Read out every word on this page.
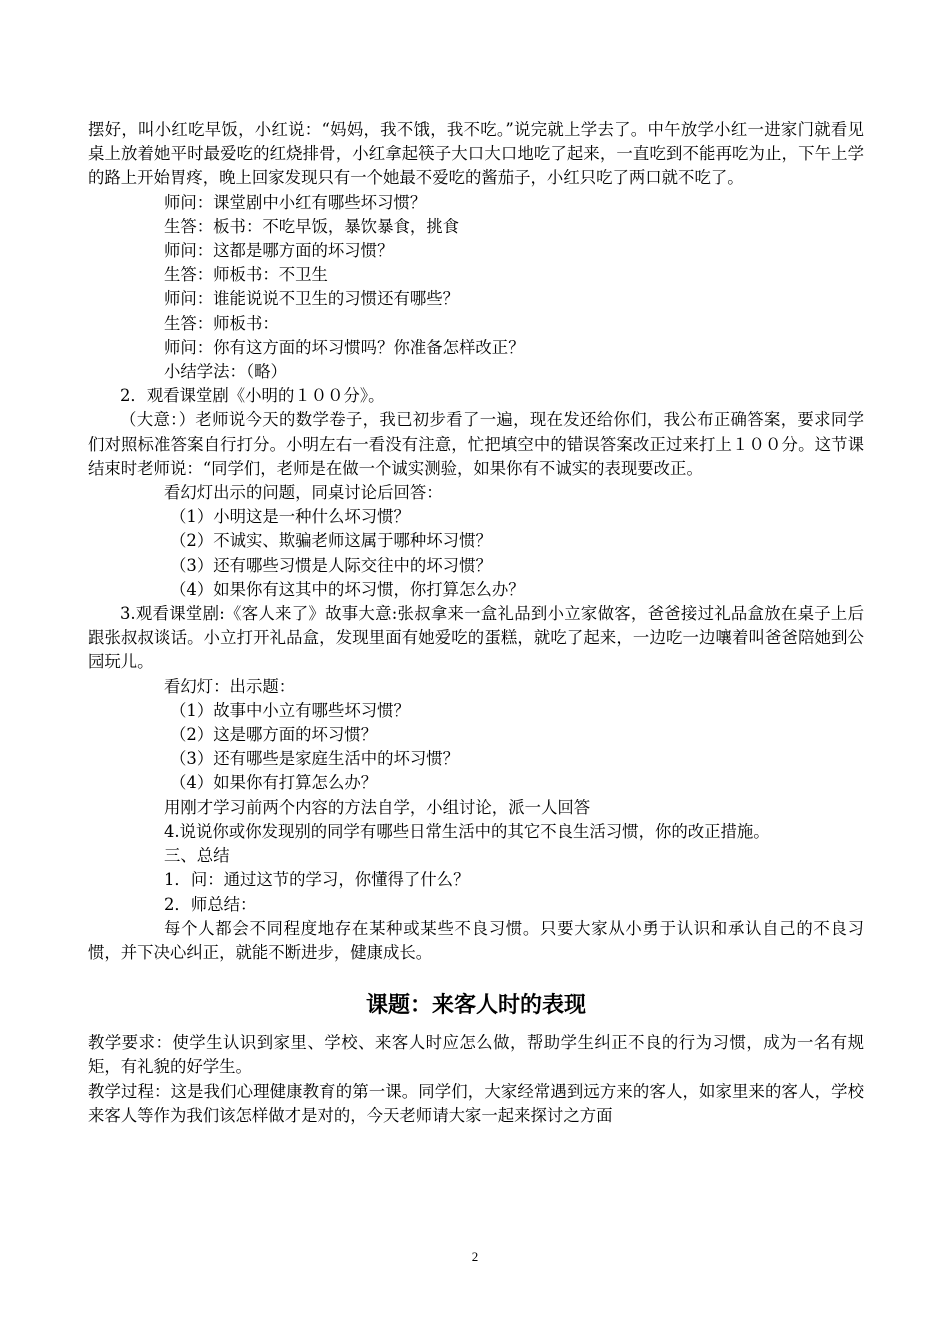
摆好，叫小红吃早饭，小红说：“妈妈，我不饿，我不吃。”说完就上学去了。中午放学小红一进家门就看见桌上放着她平时最爱吃的红烧排骨，小红拿起筷子大口大口地吃了起来，一直吃到不能再吃为止，下午上学的路上开始胃疼，晚上回家发现只有一个她最不爱吃的酱茄子，小红只吃了两口就不吃了。

师问：课堂剧中小红有哪些坏习惯？

生答：板书：不吃早饭，暴饮暴食，挑食

师问：这都是哪方面的坏习惯？

生答：师板书：不卫生

师问：谁能说说不卫生的习惯还有哪些？

生答：师板书：

师问：你有这方面的坏习惯吗？你准备怎样改正？

小结学法：（略）

2．观看课堂剧《小明的１００分》。

（大意：）老师说今天的数学卷子，我已初步看了一遍，现在发还给你们，我公布正确答案，要求同学们对照标准答案自行打分。小明左右一看没有注意，忙把填空中的错误答案改正过来打上１００分。这节课结束时老师说：“同学们，老师是在做一个诚实测验，如果你有不诚实的表现要改正。

看幻灯出示的问题，同桌讨论后回答：

（1）小明这是一种什么坏习惯？

（2）不诚实、欺骗老师这属于哪种坏习惯？

（3）还有哪些习惯是人际交往中的坏习惯？

（4）如果你有这其中的坏习惯，你打算怎么办？

3.观看课堂剧:《客人来了》故事大意:张叔拿来一盒礼品到小立家做客，爸爸接过礼品盒放在桌子上后跟张叔叔谈话。小立打开礼品盒，发现里面有她爱吃的蛋糕，就吃了起来，一边吃一边嚷着叫爸爸陪她到公园玩儿。

看幻灯：出示题：

（1）故事中小立有哪些坏习惯？

（2）这是哪方面的坏习惯？

（3）还有哪些是家庭生活中的坏习惯？

（4）如果你有打算怎么办？

用刚才学习前两个内容的方法自学，小组讨论，派一人回答

4.说说你或你发现别的同学有哪些日常生活中的其它不良生活习惯，你的改正措施。

三、总结

1．问：通过这节的学习，你懂得了什么？

2．师总结：

每个人都会不同程度地存在某种或某些不良习惯。只要大家从小勇于认识和承认自己的不良习惯，并下决心纠正，就能不断进步，健康成长。

课题：来客人时的表现

教学要求：使学生认识到家里、学校、来客人时应怎么做，帮助学生纠正不良的行为习惯，成为一名有规矩，有礼貌的好学生。

教学过程：这是我们心理健康教育的第一课。同学们，大家经常遇到远方来的客人，如家里来的客人，学校来客人等作为我们该怎样做才是对的，今天老师请大家一起来探讨之方面

2
